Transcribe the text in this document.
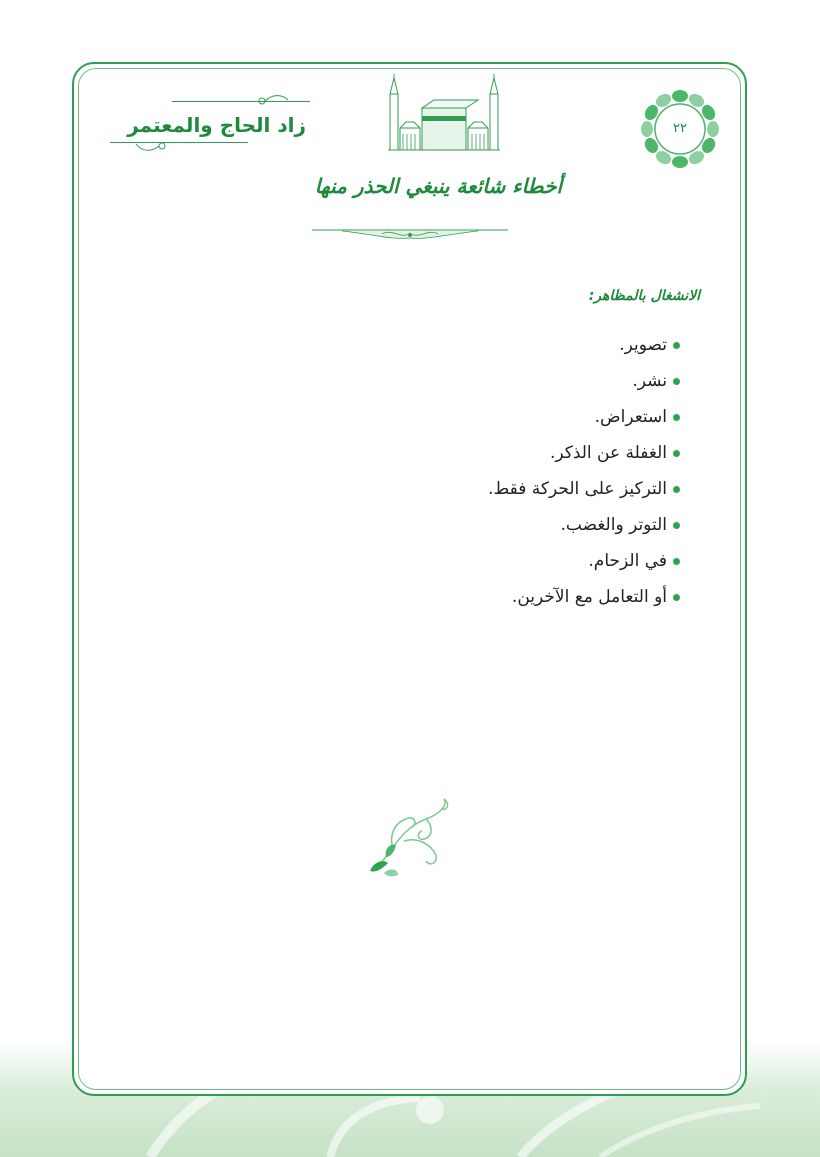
زاد الحاج والمعتمر	٢٢
أخطاء شائعة ينبغي الحذر منها
الانشغال بالمظاهر:
تصوير.
نشر.
استعراض.
الغفلة عن الذكر.
التركيز على الحركة فقط.
التوتر والغضب.
في الزحام.
أو التعامل مع الآخرين.
